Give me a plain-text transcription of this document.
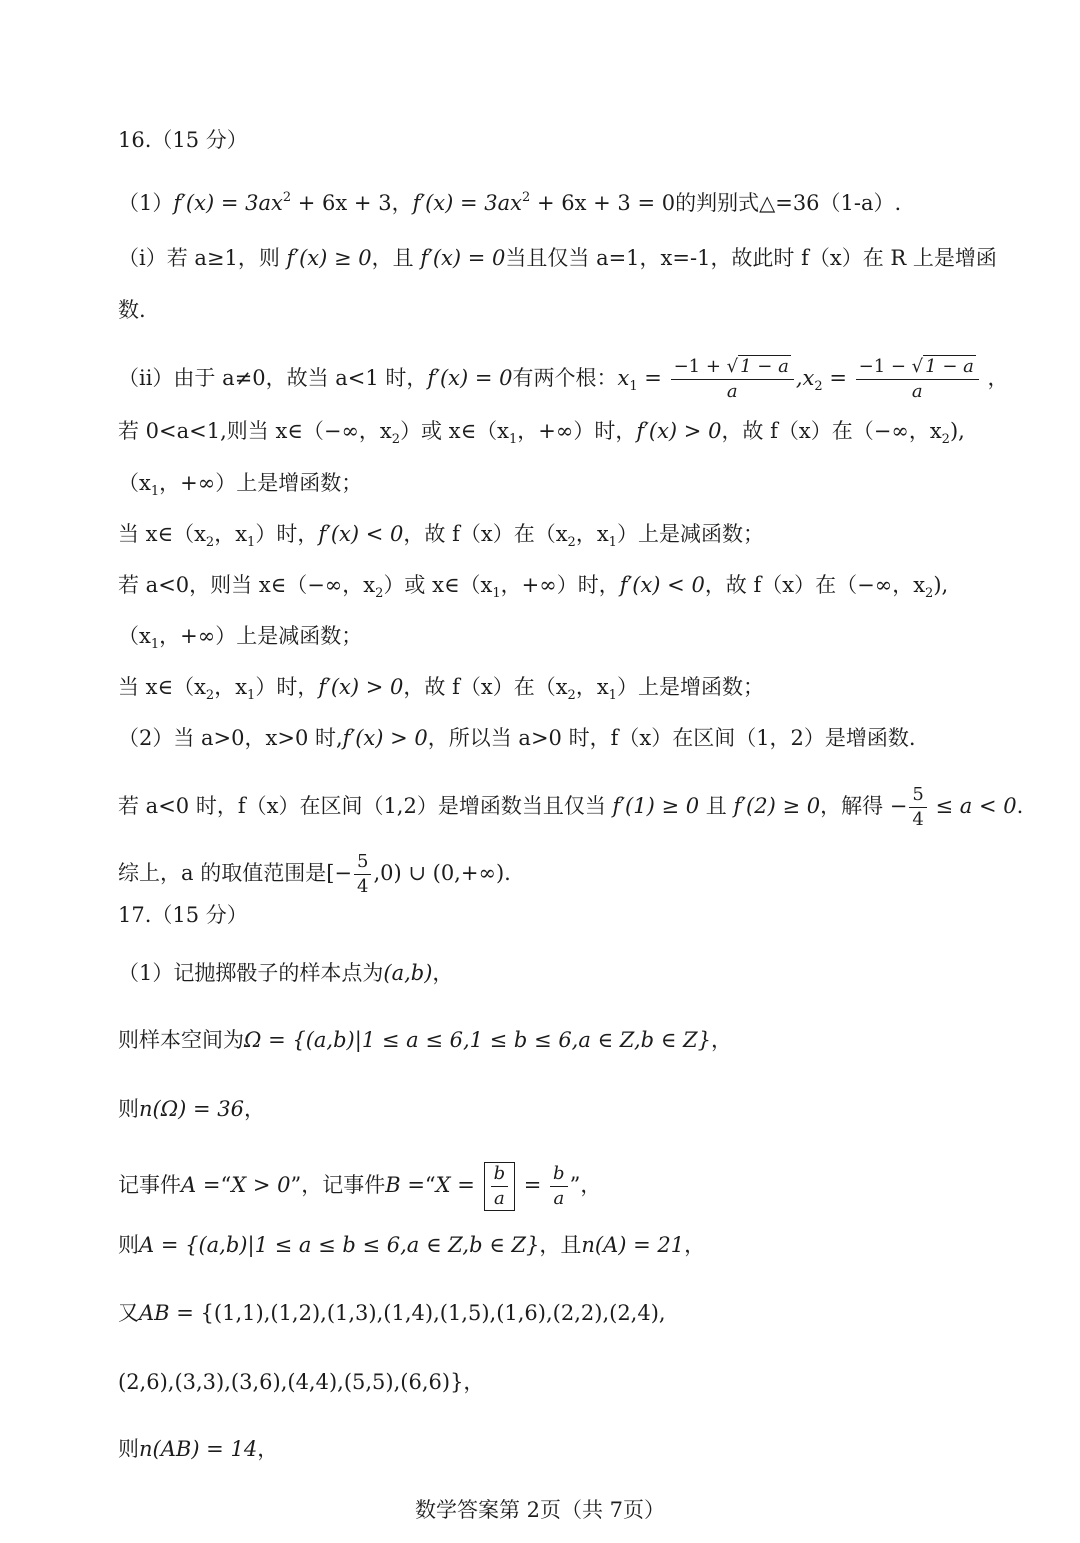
16.（15 分）
$(1)f'(x) = 3ax^2 + 6x + 3$，$f'(x) = 3ax^2 + 6x + 3 = 0$的判别式△=36（1-a）.
（i）若 a≥1，则 f′(x) ≥ 0，且 f′(x) = 0当且仅当 a=1，x=-1，故此时 f（x）在 R 上是增函
数.
（ii）由于 a≠0，故当 a<1 时，f′(x) = 0有两个根：$x_1 = \frac{-1 + √ 1 - a}{a} ,x_2 = \frac{-1 - √ 1 - a}{a}$ ，
若 0<a<1,则当 x∈（−∞，$x_2$）或 $x\in(x_1$，+∞）时，f′(x) > 0，故 f（x）在（−∞，$x_2$),
（$x_1$，+∞）上是增函数；
当 $x\in(x_2$，$x_1$）时，f′(x) < 0，故 f（x）在（$x_2$，$x_1$）上是减函数；
若 a<0，则当 x∈（−∞，$x_2$）或 $x\in(x_1$，+∞）时，f′(x) < 0，故 f（x）在（−∞，$x_2$),
（$x_1$，+∞）上是减函数；
当 $x\in(x_2$，$x_1$）时，f′(x) > 0，故 f（x）在（$x_2$，$x_1$）上是增函数；
（2）当 a>0，x>0 时,f′(x) > 0，所以当 a>0 时，f（x）在区间（1，2）是增函数.
若 a<0 时，f（x）在区间（1,2）是增函数当且仅当 f′(1) ≥ 0 且 f′(2) ≥ 0，解得 − $\frac{5}{4} \le a < 0$.
综上，a 的取值范围是[− $\frac{5}{4} ,0$) ∪ (0,+∞).
17.（15 分）
（1）记抛掷骰子的样本点为(a,b)，
则样本空间为Ω = {(a,b)|1 ≤ a ≤ 6,1 ≤ b ≤ 6,a ∈ Z,b ∈ Z}，
则n(Ω) = 36，
记事件A =“X > 0”，记事件B =“X = $\frac{b}{a} = \frac{b}{a}$ ”，
则A = {(a,b)|1 ≤ a ≤ b ≤ 6,a ∈ Z,b ∈ Z}，且n(A) = 21，
又AB = {(1,1),(1,2),(1,3),(1,4),(1,5),(1,6),(2,2),(2,4),
(2,6),(3,3),(3,6),(4,4),(5,5),(6,6)}，
则n(AB) = 14，
数学答案第 2页（共 7页）
